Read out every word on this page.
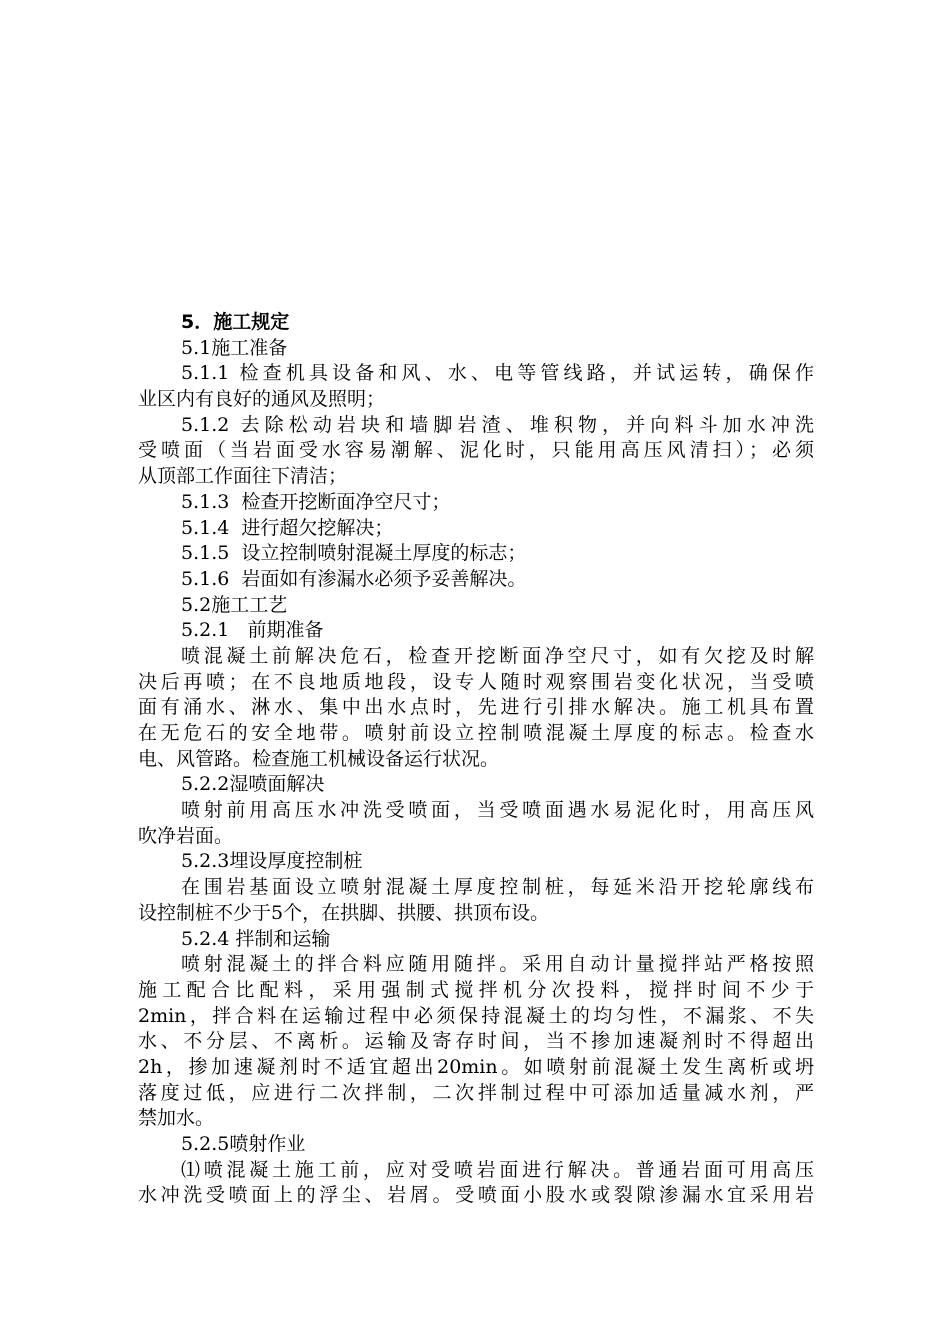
5．施工规定
5.1施工准备
5.1.1 检查机具设备和风、水、电等管线路，并试运转，确保作
业区内有良好的通风及照明；
5.1.2 去除松动岩块和墙脚岩渣、堆积物，并向料斗加水冲洗
受喷面（当岩面受水容易潮解、泥化时，只能用高压风清扫）；必须
从顶部工作面往下清洁；
5.1.3  检查开挖断面净空尺寸；
5.1.4  进行超欠挖解决；
5.1.5  设立控制喷射混凝土厚度的标志；
5.1.6  岩面如有渗漏水必须予妥善解决。
5.2施工工艺
5.2.1   前期准备
喷混凝土前解决危石，检查开挖断面净空尺寸，如有欠挖及时解
决后再喷；在不良地质地段，设专人随时观察围岩变化状况，当受喷
面有涌水、淋水、集中出水点时，先进行引排水解决。施工机具布置
在无危石的安全地带。喷射前设立控制喷混凝土厚度的标志。检查水
电、风管路。检查施工机械设备运行状况。
5.2.2湿喷面解决
喷射前用高压水冲洗受喷面，当受喷面遇水易泥化时，用高压风
吹净岩面。
5.2.3埋设厚度控制桩
在围岩基面设立喷射混凝土厚度控制桩，每延米沿开挖轮廓线布
设控制桩不少于5个，在拱脚、拱腰、拱顶布设。
5.2.4 拌制和运输
喷射混凝土的拌合料应随用随拌。采用自动计量搅拌站严格按照
施工配合比配料，采用强制式搅拌机分次投料，搅拌时间不少于
2min，拌合料在运输过程中必须保持混凝土的均匀性，不漏浆、不失
水、不分层、不离析。运输及寄存时间，当不掺加速凝剂时不得超出
2h，掺加速凝剂时不适宜超出20min。如喷射前混凝土发生离析或坍
落度过低，应进行二次拌制，二次拌制过程中可添加适量减水剂，严
禁加水。
5.2.5喷射作业
⑴喷混凝土施工前，应对受喷岩面进行解决。普通岩面可用高压
水冲洗受喷面上的浮尘、岩屑。受喷面小股水或裂隙渗漏水宜采用岩
